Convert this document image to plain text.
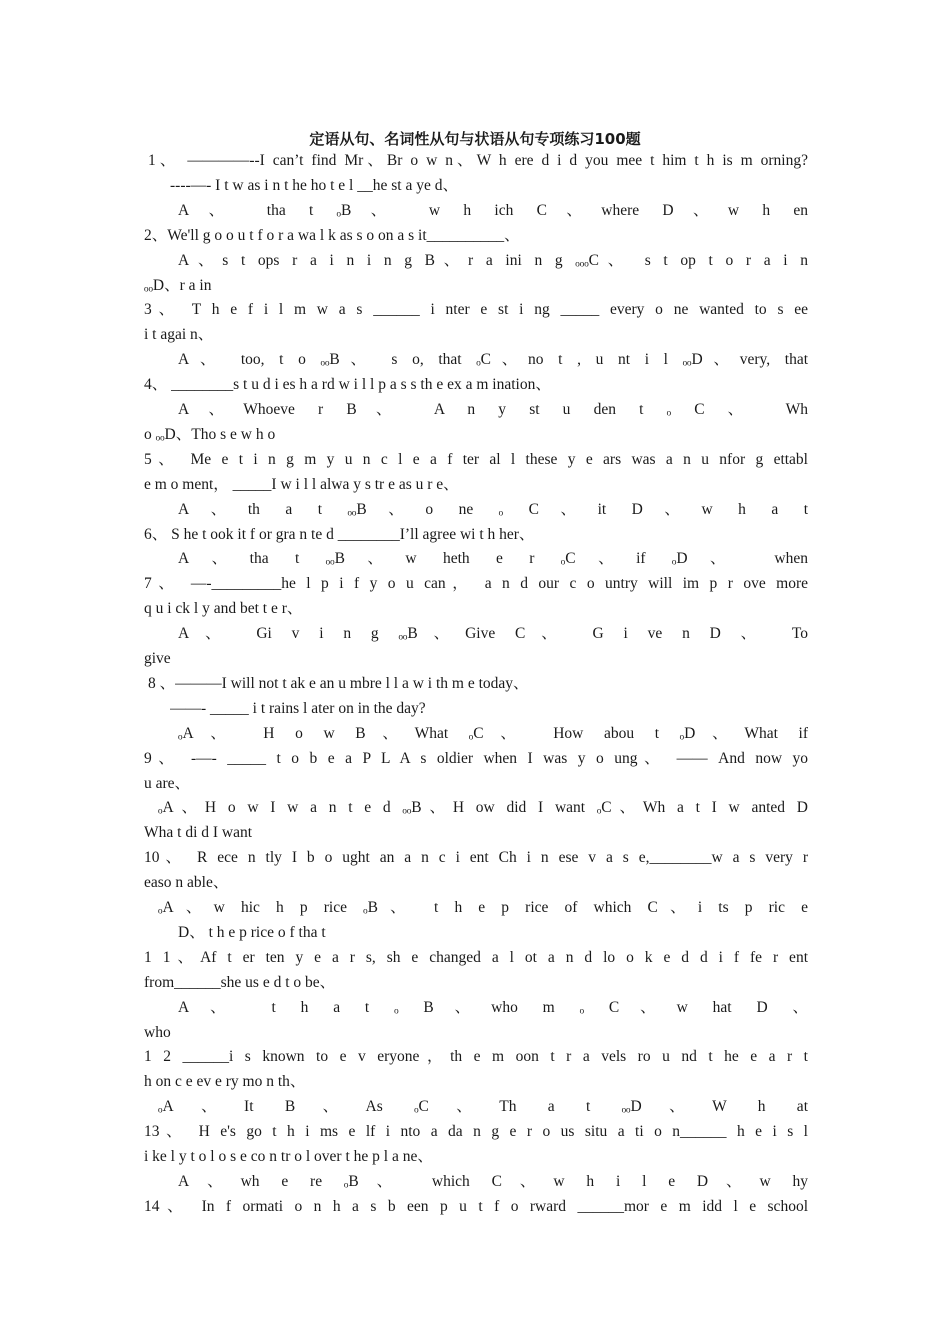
定语从句、名词性从句与状语从句专项练习100题
1、 ————--I can’t find Mr、Br o w n、W h ere d i d you mee t him t h is m orning?
----—- I t w as i n t he ho t e l __he st a ye d、
A、 tha t ₒB、 w h ich C、where D、w h en
2、We'll g o o u t f o r a wa l k as s o on a s it__________、
A、s t ops r a i n i n g B、r a ini n g ₒₒₒC、 s t op t o r a i n
ₒₒD、r a in
3、 T h e f i l m w a s ______ i nter e st i ng _____ every o ne wanted to s ee
i t agai n、
A、 too, t o ₒₒB、 s o, that ₒC、no t , u nt i l ₒₒD、very, that
4、 ________s t u d i es h a rd w i l l p a s s th e ex a m ination、
A、Whoeve r B、 A n y st u den t ₒ C 、 Wh
o ₒₒD、Tho s e w h o
5、 Me e t i n g m y u n c l e a f ter al l these y e ars was a n u nfor g ettabl
e m o ment， _____I w i l l alwa y s tr e as u r e、
A、th a t ₒₒB、o ne ₒ C、it D、w h a t
6、 S he t ook it f or gra n te d ________I’ll agree wi t h her、
A、tha t ₒₒB、w heth e r ₒC、if ₒD、 when
7、 —-_________he l p i f y o u can， a n d our c o untry will im p r ove more
q u i ck l y and bet t e r、
A、 Gi v i n g ₒₒB、Give C、 G i ve n D 、 To
give
8 、———I will not t ak e an u mbre l l a w i th m e today、
——- _____ i t rains l ater on in the day?
ₒA、 H o w B、What ₒC、 How abou t ₒD、What if
9、 -—- _____ t o b e a P L A s oldier when I was y o ung、 —— And now yo
u are、
ₒA、H o w I w a n t e d ₒₒB、H ow did I want ₒC、Wh a t I w anted D
Wha t di d I want
10、 R ece n tly I b o ught an a n c i ent Ch i n ese v a s e,________w a s very r
easo n able、
ₒA、w hic h p rice ₒB、 t h e p rice of which C、i ts p ric e
D、 t h e p rice o f tha t
1 1、Af t er ten y e a r s, sh e changed a l ot a n d lo o k e d d i f fe r ent
from______she us e d t o be、
A、 t h a t ₒ B、who m ₒ C、w hat D 、
who
1 2 ______i s known to e v eryone，th e m oon t r a vels ro u nd t he e a r t
h on c e ev e ry mo n th、
ₒA、It B、As ₒC、Th a t ₒₒD、W h at
13、 H e's go t h i ms e lf i nto a da n g e r o us situ a ti o n______ h e i s l
i ke l y t o l o s e co n tr o l over t he p l a ne、
A、wh e re ₒB、 which C、w h i l e D、w hy
14、 In f ormati o n h a s b een p u t f o rward ______mor e m idd l e school
